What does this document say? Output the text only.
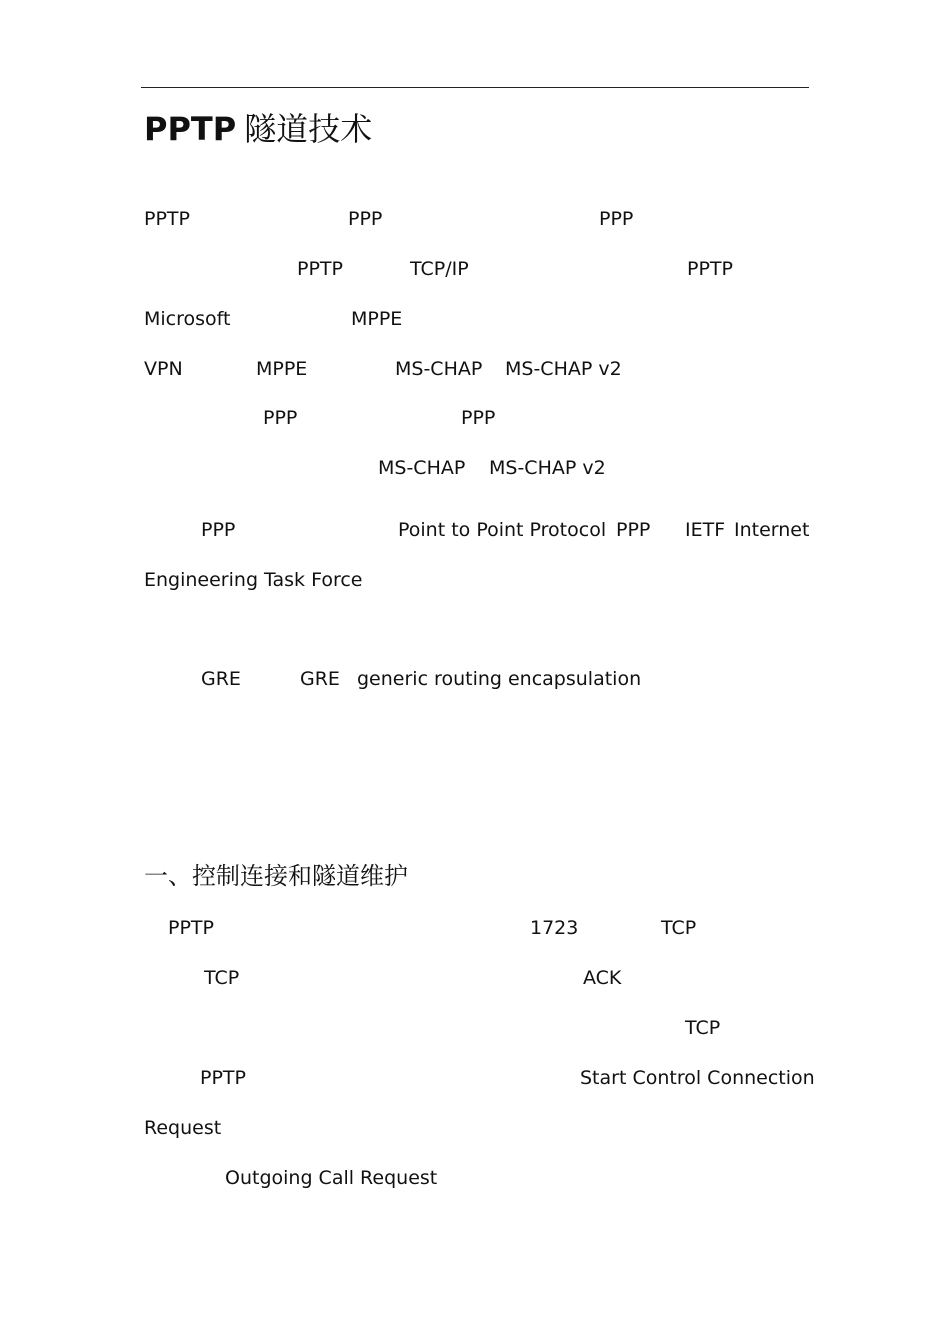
PPTP 隧道技术
PPTP	PPP	PPP
PPTP	TCP/IP	PPTP
Microsoft	MPPE
VPN	MPPE	MS-CHAP MS-CHAP v2
PPP	PPP
MS-CHAP MS-CHAP v2
PPP	Point to Point Protocol PPP IETF Internet
Engineering Task Force
GRE	GRE generic routing encapsulation
一、控制连接和隧道维护
PPTP	1723	TCP
TCP	ACK
TCP
PPTP	Start Control Connection
Request
Outgoing Call Request
